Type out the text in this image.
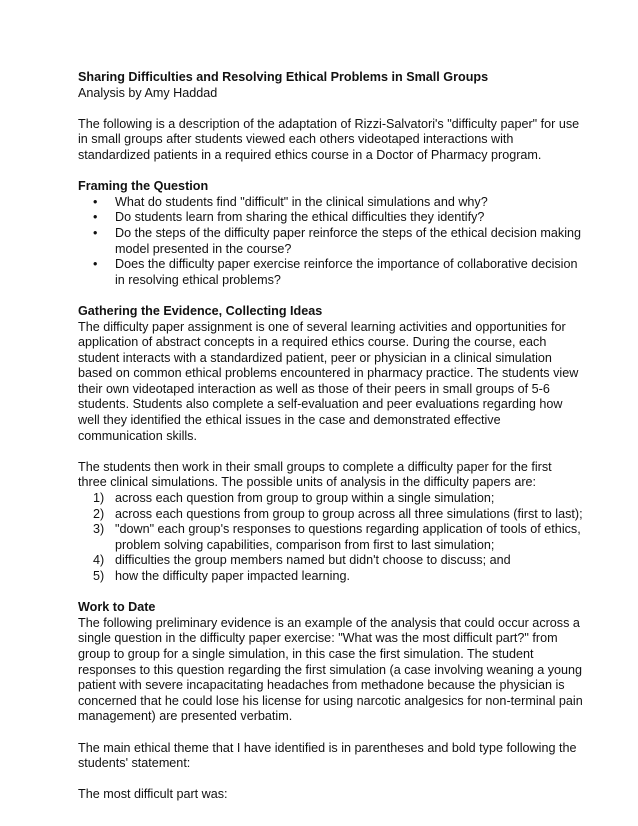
Sharing Difficulties and Resolving Ethical Problems in Small Groups

Analysis by Amy Haddad

The following is a description of the adaptation of Rizzi-Salvatori's "difficulty paper" for use in small groups after students viewed each others videotaped interactions with standardized patients in a required ethics course in a Doctor of Pharmacy program.

Framing the Question

• What do students find "difficult" in the clinical simulations and why?
• Do students learn from sharing the ethical difficulties they identify?
• Do the steps of the difficulty paper reinforce the steps of the ethical decision making model presented in the course?
• Does the difficulty paper exercise reinforce the importance of collaborative decision in resolving ethical problems?

Gathering the Evidence, Collecting Ideas

The difficulty paper assignment is one of several learning activities and opportunities for application of abstract concepts in a required ethics course. During the course, each student interacts with a standardized patient, peer or physician in a clinical simulation based on common ethical problems encountered in pharmacy practice. The students view their own videotaped interaction as well as those of their peers in small groups of 5-6 students. Students also complete a self-evaluation and peer evaluations regarding how well they identified the ethical issues in the case and demonstrated effective communication skills.

The students then work in their small groups to complete a difficulty paper for the first three clinical simulations. The possible units of analysis in the difficulty papers are:

1) across each question from group to group within a single simulation;
2) across each questions from group to group across all three simulations (first to last);
3) "down" each group's responses to questions regarding application of tools of ethics, problem solving capabilities, comparison from first to last simulation;
4) difficulties the group members named but didn't choose to discuss; and
5) how the difficulty paper impacted learning.

Work to Date

The following preliminary evidence is an example of the analysis that could occur across a single question in the difficulty paper exercise: "What was the most difficult part?" from group to group for a single simulation, in this case the first simulation. The student responses to this question regarding the first simulation (a case involving weaning a young patient with severe incapacitating headaches from methadone because the physician is concerned that he could lose his license for using narcotic analgesics for non-terminal pain management) are presented verbatim.

The main ethical theme that I have identified is in parentheses and bold type following the students' statement:

The most difficult part was:
